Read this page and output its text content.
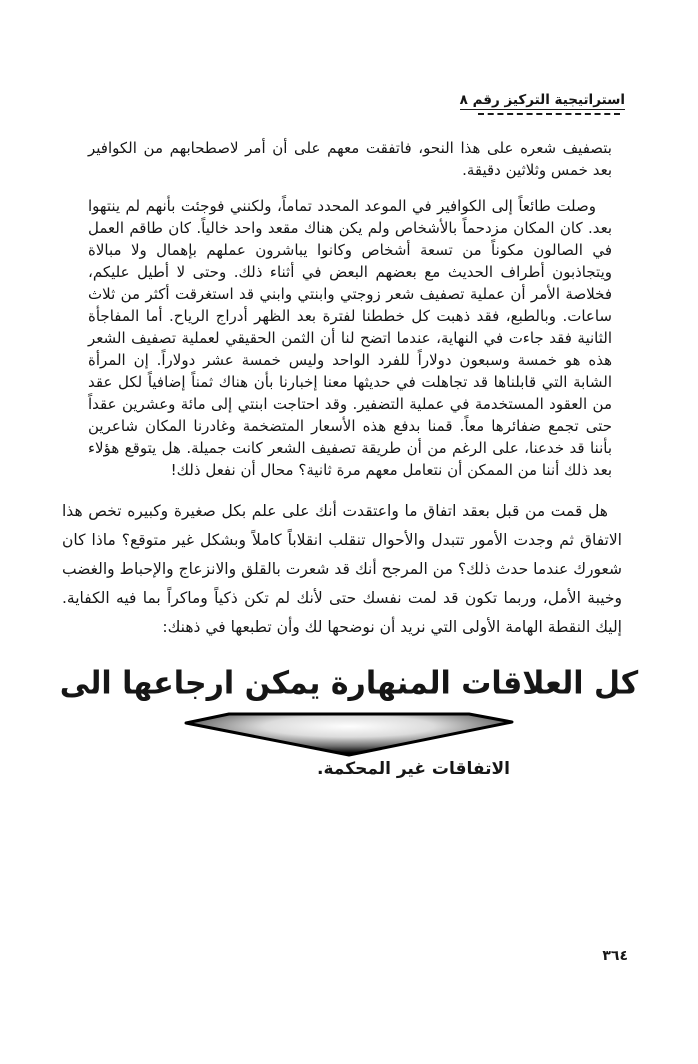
استراتيجية التركيز رقم ٨

بتصفيف شعره على هذا النحو، فاتفقت معهم على أن أمر لاصطحابهم من الكوافير بعد خمس وثلاثين دقيقة.

وصلت طائعاً إلى الكوافير في الموعد المحدد تماماً، ولكنني فوجئت بأنهم لم ينتهوا بعد. كان المكان مزدحماً بالأشخاص ولم يكن هناك مقعد واحد خالياً. كان طاقم العمل في الصالون مكوناً من تسعة أشخاص وكانوا يباشرون عملهم بإهمال ولا مبالاة ويتجاذبون أطراف الحديث مع بعضهم البعض في أثناء ذلك. وحتى لا أطيل عليكم، فخلاصة الأمر أن عملية تصفيف شعر زوجتي وابنتي وابني قد استغرقت أكثر من ثلاث ساعات. وبالطبع، فقد ذهبت كل خططنا لفترة بعد الظهر أدراج الرياح. أما المفاجأة الثانية فقد جاءت في النهاية، عندما اتضح لنا أن الثمن الحقيقي لعملية تصفيف الشعر هذه هو خمسة وسبعون دولاراً للفرد الواحد وليس خمسة عشر دولاراً. إن المرأة الشابة التي قابلناها قد تجاهلت في حديثها معنا إخبارنا بأن هناك ثمناً إضافياً لكل عقد من العقود المستخدمة في عملية التضفير. وقد احتاجت ابنتي إلى مائة وعشرين عقداً حتى تجمع ضفائرها معاً. قمنا بدفع هذه الأسعار المتضخمة وغادرنا المكان شاعرين بأننا قد خدعنا، على الرغم من أن طريقة تصفيف الشعر كانت جميلة. هل يتوقع هؤلاء بعد ذلك أننا من الممكن أن نتعامل معهم مرة ثانية؟ محال أن نفعل ذلك!

هل قمت من قبل بعقد اتفاق ما واعتقدت أنك على علم بكل صغيرة وكبيره تخص هذا الاتفاق ثم وجدت الأمور تتبدل والأحوال تنقلب انقلاباً كاملاً وبشكل غير متوقع؟ ماذا كان شعورك عندما حدث ذلك؟ من المرجح أنك قد شعرت بالقلق والانزعاج والإحباط والغضب وخيبة الأمل، وربما تكون قد لمت نفسك حتى لأنك لم تكن ذكياً وماكراً بما فيه الكفاية. إليك النقطة الهامة الأولى التي نريد أن نوضحها لك وأن تطبعها في ذهنك:

كل العلاقات المنهارة يمكن ارجاعها الى
الاتفاقات غير المحكمة.
٣٦٤
